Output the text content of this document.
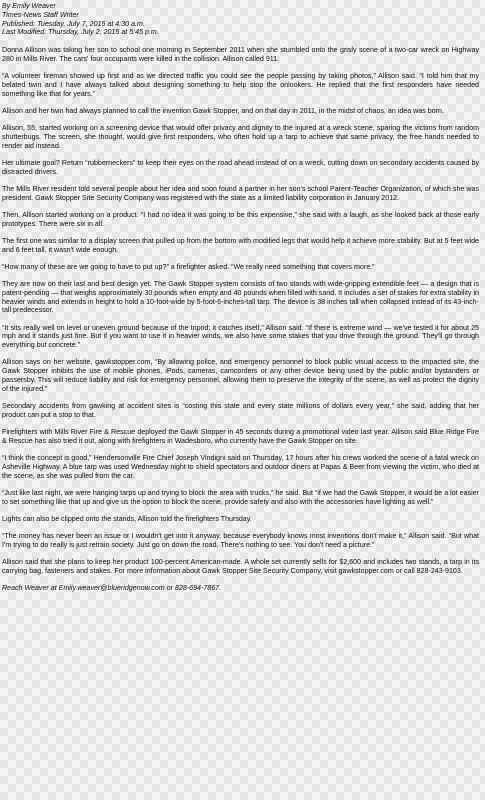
By Emily Weaver

Times-News Staff Writer

Published: Tuesday, July 7, 2015 at 4:30 a.m.

Last Modified: Thursday, July 2, 2015 at 5:45 p.m.

Donna Allison was taking her son to school one morning in September 2011 when she stumbled onto the grisly scene of a two-car wreck on Highway 280 in Mills River. The cars' four occupants were killed in the collision. Allison called 911.

“A volunteer fireman showed up first and as we directed traffic you could see the people passing by taking photos,” Allison said. “I told him that my belated twin and I have always talked about designing something to help stop the onlookers. He replied that the first responders have needed something like that for years.”

Allison and her twin had always planned to call the invention Gawk Stopper, and on that day in 2011, in the midst of chaos, an idea was born.

Allison, 55, started working on a screening device that would offer privacy and dignity to the injured at a wreck scene, sparing the victims from random shutterbugs. The screen, she thought, would give first responders, who often hold up a tarp to achieve that same privacy, the free hands needed to render aid instead.

Her ultimate goal? Return “rubberneckers” to keep their eyes on the road ahead instead of on a wreck, cutting down on secondary accidents caused by distracted drivers.

The Mills River resident told several people about her idea and soon found a partner in her son's school Parent-Teacher Organization, of which she was president. Gawk Stopper Site Security Company was registered with the state as a limited liability corporation in January 2012.

Then, Allison started working on a product. “I had no idea it was going to be this expensive,” she said with a laugh, as she looked back at those early prototypes. There were six in all.

The first one was similar to a display screen that pulled up from the bottom with modified legs that would help it achieve more stability. But at 5 feet wide and 6 feet tall, it wasn't wide enough.

“How many of these are we going to have to put up?” a firefighter asked. “We really need something that covers more.”

They are now on their last and best design yet. The Gawk Stopper system consists of two stands with wide-gripping extendible feet — a design that is patent-pending — that weighs approximately 30 pounds when empty and 40 pounds when filled with sand. It includes a set of stakes for extra stability in heavier winds and extends in height to hold a 10-foot-wide by 5-foot-6-inches-tall tarp. The device is 38 inches tall when collapsed instead of its 43-inch-tall predecessor.

“It sits really well on level or uneven ground because of the tripod; it catches itself,” Allison said. “If there is extreme wind — we've tested it for about 25 mph and it stands just fine. But if you want to use it in heavier winds, we also have some stakes that you drive through the ground. They'll go through everything but concrete.”

Allison says on her website, gawkstopper.com, “By allowing police, and emergency personnel to block public visual access to the impacted site, the Gawk Stopper inhibits the use of mobile phones, iPods, cameras, camcorders or any other device being used by the public and/or bystanders or passersby. This will reduce liability and risk for emergency personnel, allowing them to preserve the integrity of the scene, as well as protect the dignity of the injured.”

Secondary accidents from gawking at accident sites is “costing this state and every state millions of dollars every year,” she said, adding that her product can put a stop to that.

Firefighters with Mills River Fire & Rescue deployed the Gawk Stopper in 45 seconds during a promotional video last year. Allison said Blue Ridge Fire & Rescue has also tried it out, along with firefighters in Wadesboro, who currently have the Gawk Stopper on site.

“I think the concept is good,” Hendersonville Fire Chief Joseph Vindigni said on Thursday, 17 hours after his crews worked the scene of a fatal wreck on Asheville Highway. A blue tarp was used Wednesday night to shield spectators and outdoor diners at Papas & Beer from viewing the victim, who died at the scene, as she was pulled from the car.

“Just like last night, we were hanging tarps up and trying to block the area with trucks,” he said. But “if we had the Gawk Stopper, it would be a lot easier to set something like that up and give us the option to block the scene, provide safety and also with the accessories have lighting as well.”

Lights can also be clipped onto the stands, Allison told the firefighters Thursday.

“The money has never been an issue or I wouldn't get into it anyway, because everybody knows most inventions don't make it,” Allison said. “But what I'm trying to do really is just retrain society. Just go on down the road. There's nothing to see. You don't need a picture.”

Allison said that she plans to keep her product 100-percent American-made. A whole set currently sells for $2,600 and includes two stands, a tarp in its carrying bag, fasteners and stakes. For more information about Gawk Stopper Site Security Company, visit gawkstopper.com or call 828-243-9103.

Reach Weaver at Emily.weaver@blueridgenow.com or 828-694-7867.
